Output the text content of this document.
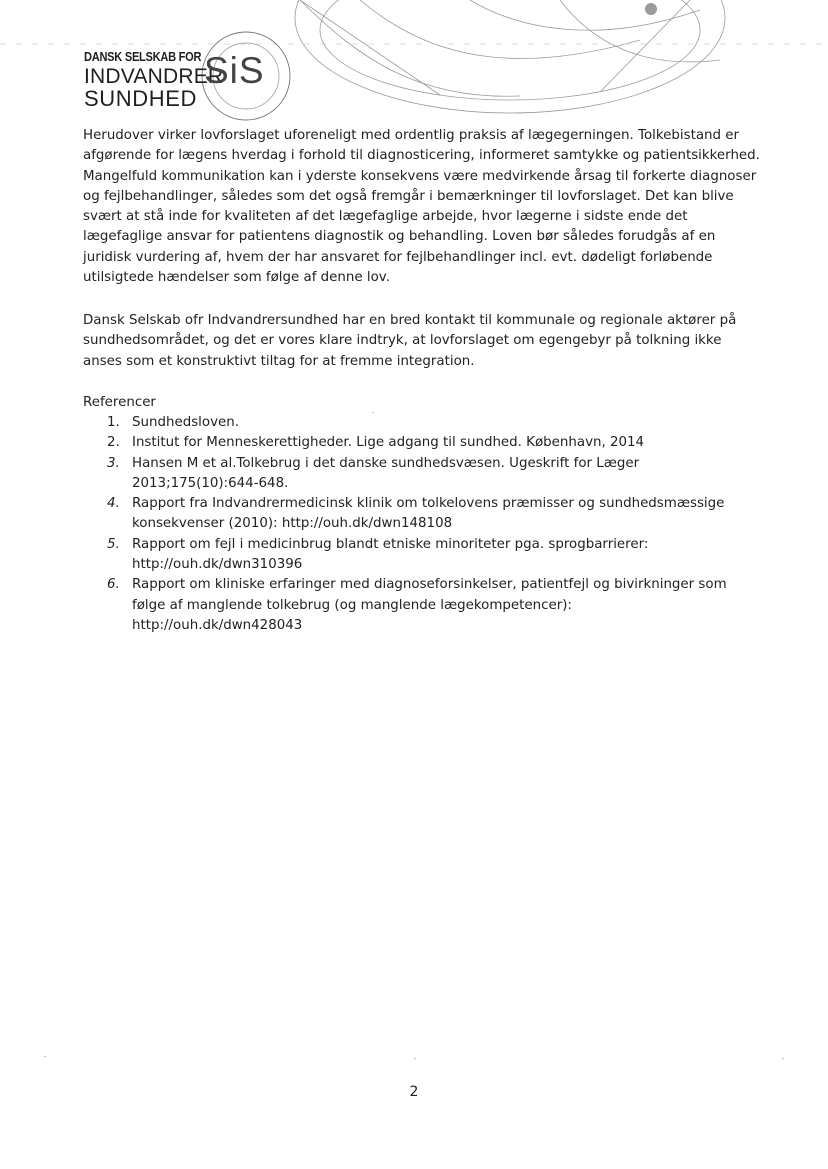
DANSK SELSKAB FOR
INDVANDRER
SUNDHED
SiS
Herudover virker lovforslaget uforeneligt med ordentlig praksis af lægegerningen. Tolkebistand er afgørende for lægens hverdag i forhold til diagnosticering, informeret samtykke og patientsikkerhed. Mangelfuld kommunikation kan i yderste konsekvens være medvirkende årsag til forkerte diagnoser og fejlbehandlinger, således som det også fremgår i bemærkninger til lovforslaget. Det kan blive svært at stå inde for kvaliteten af det lægefaglige arbejde, hvor lægerne i sidste ende det lægefaglige ansvar for patientens diagnostik og behandling. Loven bør således forudgås af en juridisk vurdering af, hvem der har ansvaret for fejlbehandlinger incl. evt. dødeligt forløbende utilsigtede hændelser som følge af denne lov.
Dansk Selskab ofr Indvandrersundhed har en bred kontakt til kommunale og regionale aktører på sundhedsområdet, og det er vores klare indtryk, at lovforslaget om egengebyr på tolkning ikke anses som et konstruktivt tiltag for at fremme integration.
Referencer
1. Sundhedsloven.
2. Institut for Menneskerettigheder. Lige adgang til sundhed. København, 2014
3. Hansen M et al.Tolkebrug i det danske sundhedsvæsen. Ugeskrift for Læger
2013;175(10):644-648.
4. Rapport fra Indvandrermedicinsk klinik om tolkelovens præmisser og sundhedsmæssige
konsekvenser (2010): http://ouh.dk/dwn148108
5. Rapport om fejl i medicinbrug blandt etniske minoriteter pga. sprogbarrierer:
http://ouh.dk/dwn310396
6. Rapport om kliniske erfaringer med diagnoseforsinkelser, patientfejl og bivirkninger som
følge af manglende tolkebrug (og manglende lægekompetencer):
http://ouh.dk/dwn428043
2
